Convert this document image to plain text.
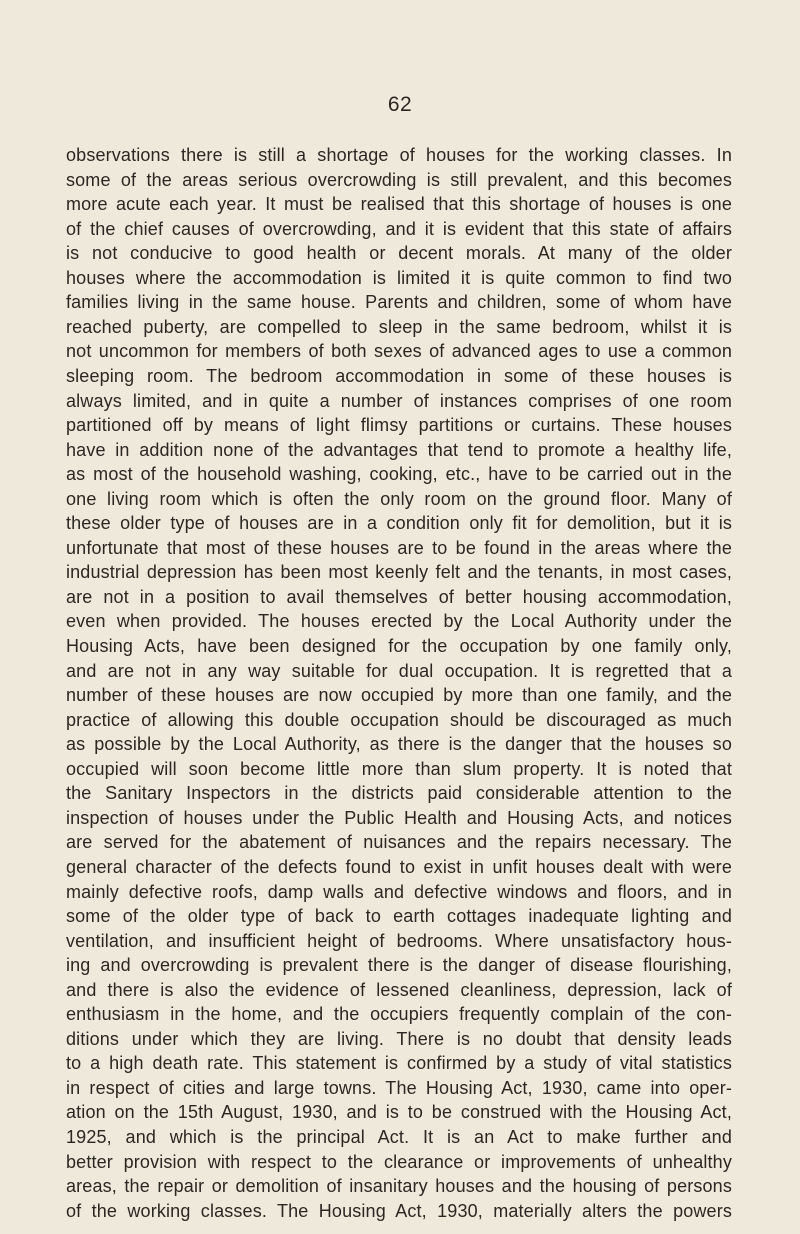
62
observations there is still a shortage of houses for the working classes. In
some of the areas serious overcrowding is still prevalent, and this becomes
more acute each year. It must be realised that this shortage of houses is one
of the chief causes of overcrowding, and it is evident that this state of affairs
is not conducive to good health or decent morals. At many of the older
houses where the accommodation is limited it is quite common to find two
families living in the same house. Parents and children, some of whom have
reached puberty, are compelled to sleep in the same bedroom, whilst it is
not uncommon for members of both sexes of advanced ages to use a common
sleeping room. The bedroom accommodation in some of these houses is
always limited, and in quite a number of instances comprises of one room
partitioned off by means of light flimsy partitions or curtains. These houses
have in addition none of the advantages that tend to promote a healthy life,
as most of the household washing, cooking, etc., have to be carried out in the
one living room which is often the only room on the ground floor. Many of
these older type of houses are in a condition only fit for demolition, but it is
unfortunate that most of these houses are to be found in the areas where the
industrial depression has been most keenly felt and the tenants, in most cases,
are not in a position to avail themselves of better housing accommodation,
even when provided. The houses erected by the Local Authority under the
Housing Acts, have been designed for the occupation by one family only,
and are not in any way suitable for dual occupation. It is regretted that a
number of these houses are now occupied by more than one family, and the
practice of allowing this double occupation should be discouraged as much
as possible by the Local Authority, as there is the danger that the houses so
occupied will soon become little more than slum property. It is noted that
the Sanitary Inspectors in the districts paid considerable attention to the
inspection of houses under the Public Health and Housing Acts, and notices
are served for the abatement of nuisances and the repairs necessary. The
general character of the defects found to exist in unfit houses dealt with were
mainly defective roofs, damp walls and defective windows and floors, and in
some of the older type of back to earth cottages inadequate lighting and
ventilation, and insufficient height of bedrooms. Where unsatisfactory hous-
ing and overcrowding is prevalent there is the danger of disease flourishing,
and there is also the evidence of lessened cleanliness, depression, lack of
enthusiasm in the home, and the occupiers frequently complain of the con-
ditions under which they are living. There is no doubt that density leads
to a high death rate. This statement is confirmed by a study of vital statistics
in respect of cities and large towns. The Housing Act, 1930, came into oper-
ation on the 15th August, 1930, and is to be construed with the Housing Act,
1925, and which is the principal Act. It is an Act to make further and
better provision with respect to the clearance or improvements of unhealthy
areas, the repair or demolition of insanitary houses and the housing of persons
of the working classes. The Housing Act, 1930, materially alters the powers
